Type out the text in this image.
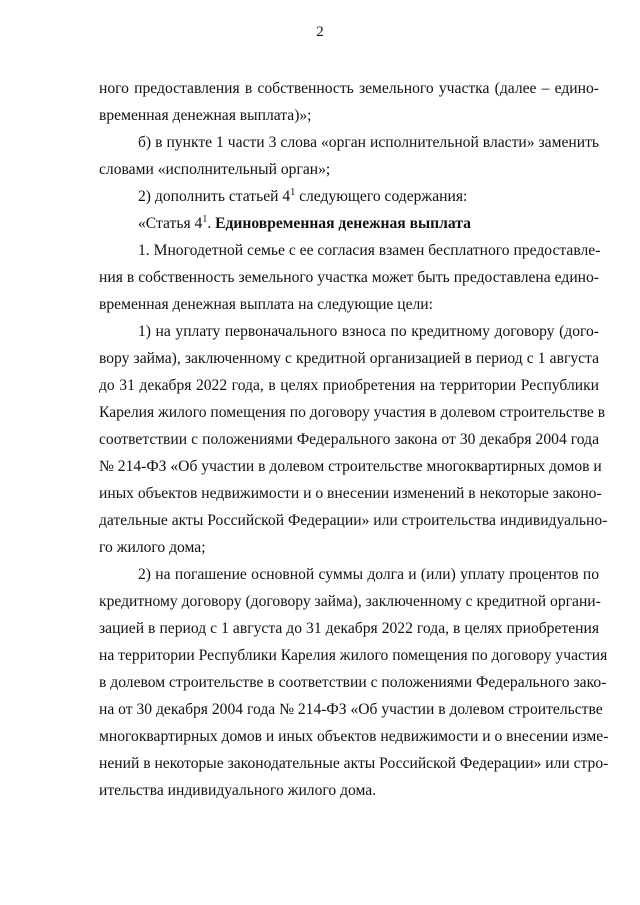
2
ного предоставления в собственность земельного участка (далее – едино-
временная денежная выплата)»;
б) в пункте 1 части 3 слова «орган исполнительной власти» заменить
словами «исполнительный орган»;
2) дополнить статьей $4^1$ следующего содержания:
«Статья $4^1$. Единовременная денежная выплата
1. Многодетной семье с ее согласия взамен бесплатного предоставле-
ния в собственность земельного участка может быть предоставлена едино-
временная денежная выплата на следующие цели:
1) на уплату первоначального взноса по кредитному договору (дого-
вору займа), заключенному с кредитной организацией в период с 1 августа
до 31 декабря 2022 года, в целях приобретения на территории Республики
Карелия жилого помещения по договору участия в долевом строительстве в
соответствии с положениями Федерального закона от 30 декабря 2004 года
№ 214-ФЗ «Об участии в долевом строительстве многоквартирных домов и
иных объектов недвижимости и о внесении изменений в некоторые законо-
дательные акты Российской Федерации» или строительства индивидуально-
го жилого дома;
2) на погашение основной суммы долга и (или) уплату процентов по
кредитному договору (договору займа), заключенному с кредитной органи-
зацией в период с 1 августа до 31 декабря 2022 года, в целях приобретения
на территории Республики Карелия жилого помещения по договору участия
в долевом строительстве в соответствии с положениями Федерального зако-
на от 30 декабря 2004 года № 214-ФЗ «Об участии в долевом строительстве
многоквартирных домов и иных объектов недвижимости и о внесении изме-
нений в некоторые законодательные акты Российской Федерации» или стро-
ительства индивидуального жилого дома.
